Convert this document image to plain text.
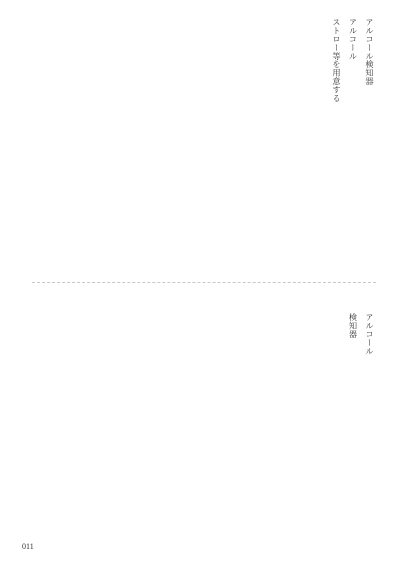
アルコール検知器
アルコール
ストロー等を用意する
アルコール
検知器
011
